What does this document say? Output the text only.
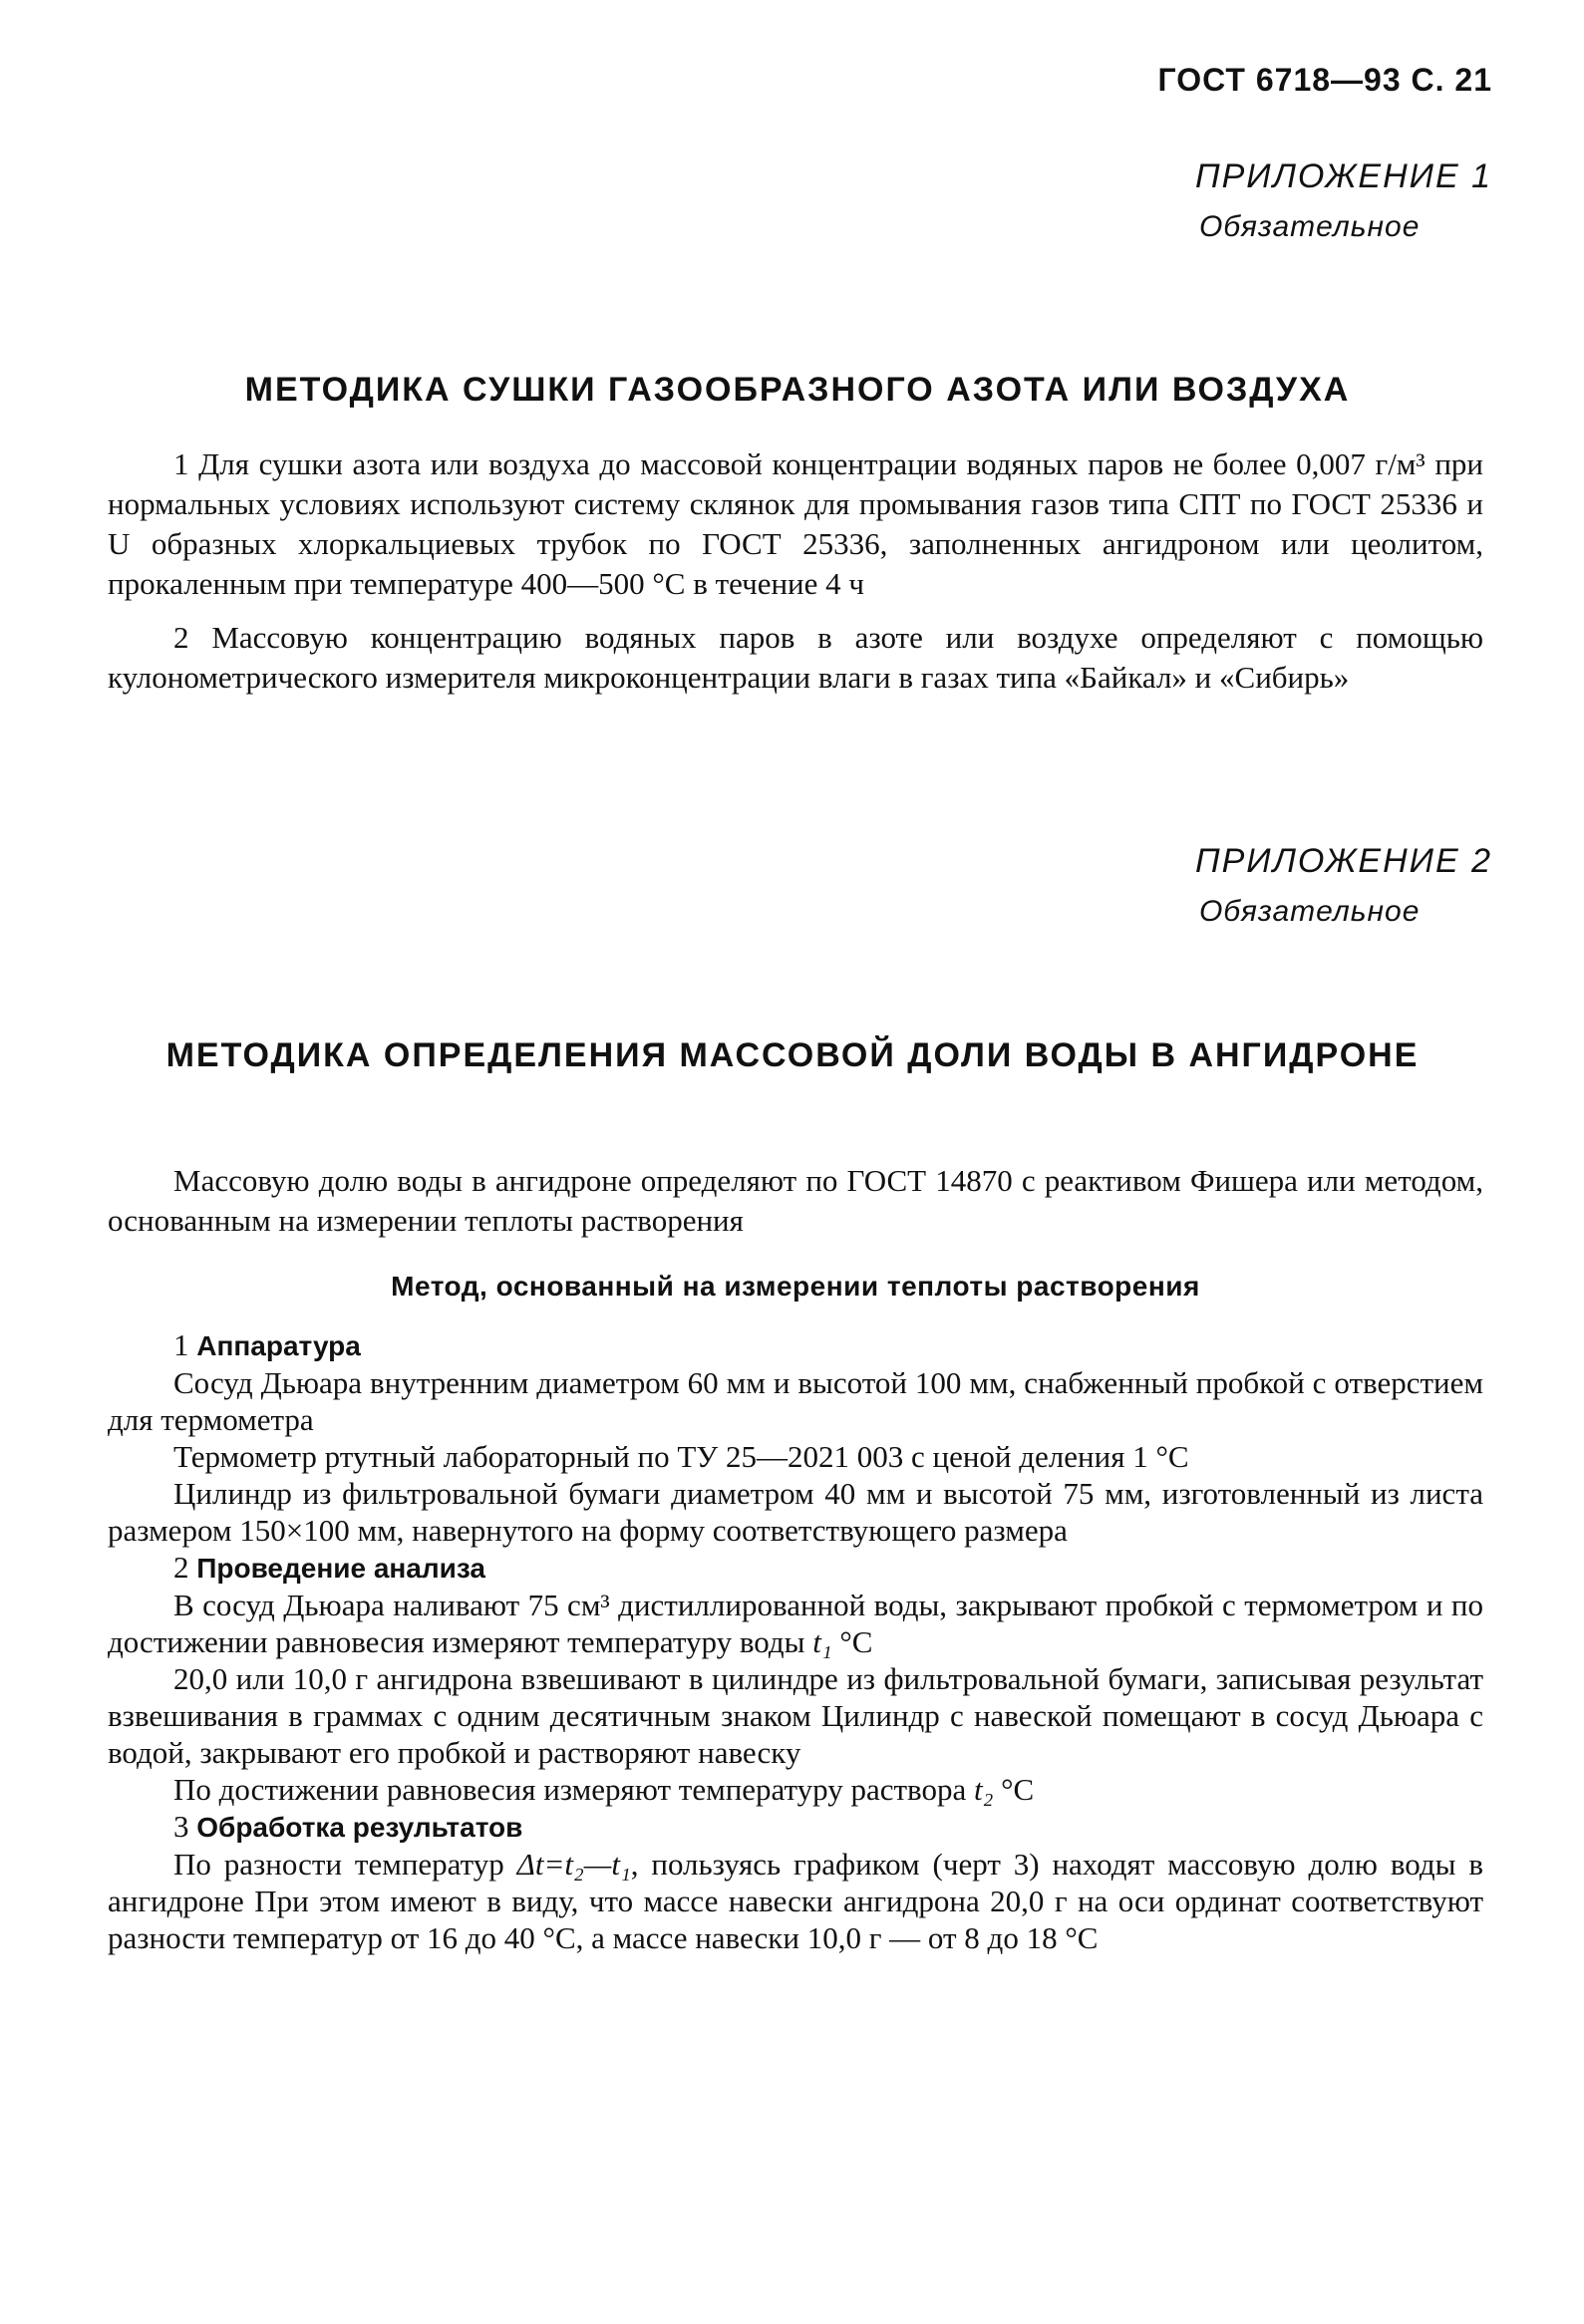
ГОСТ 6718—93 С. 21
ПРИЛОЖЕНИЕ 1
Обязательное
МЕТОДИКА СУШКИ ГАЗООБРАЗНОГО АЗОТА ИЛИ ВОЗДУХА

1 Для сушки азота или воздуха до массовой концентрации водяных паров не более 0,007 г/м³ при нормальных условиях используют систему склянок для промывания газов типа СПТ по ГОСТ 25336 и U образных хлоркальциевых трубок по ГОСТ 25336, заполненных ангидроном или цеолитом, прокаленным при температуре 400—500 °С в течение 4 ч

2 Массовую концентрацию водяных паров в азоте или воздухе определяют с помощью кулонометрического измерителя микроконцентрации влаги в газах типа «Байкал» и «Сибирь»

ПРИЛОЖЕНИЕ 2
Обязательное
МЕТОДИКА ОПРЕДЕЛЕНИЯ МАССОВОЙ ДОЛИ ВОДЫ В АНГИДРОНЕ

Массовую долю воды в ангидроне определяют по ГОСТ 14870 с реактивом Фишера или методом, основанным на измерении теплоты растворения

Метод, основанный на измерении теплоты растворения

1 Аппаратура

Сосуд Дьюара внутренним диаметром 60 мм и высотой 100 мм, снабженный пробкой с отверстием для термометра

Термометр ртутный лабораторный по ТУ 25—2021 003 с ценой деления 1 °С

Цилиндр из фильтровальной бумаги диаметром 40 мм и высотой 75 мм, изготовленный из листа размером 150×100 мм, навернутого на форму соответствующего размера

2 Проведение анализа

В сосуд Дьюара наливают 75 см³ дистиллированной воды, закрывают пробкой с термометром и по достижении равновесия измеряют температуру воды t₁ °С

20,0 или 10,0 г ангидрона взвешивают в цилиндре из фильтровальной бумаги, записывая результат взвешивания в граммах с одним десятичным знаком Цилиндр с навеской помещают в сосуд Дьюара с водой, закрывают его пробкой и растворяют навеску

По достижении равновесия измеряют температуру раствора t₂ °С

3 Обработка результатов

По разности температур Δt=t₂—t₁, пользуясь графиком (черт 3) находят массовую долю воды в ангидроне При этом имеют в виду, что массе навески ангидрона 20,0 г на оси ординат соответствуют разности температур от 16 до 40 °С, а массе навески 10,0 г — от 8 до 18 °С
